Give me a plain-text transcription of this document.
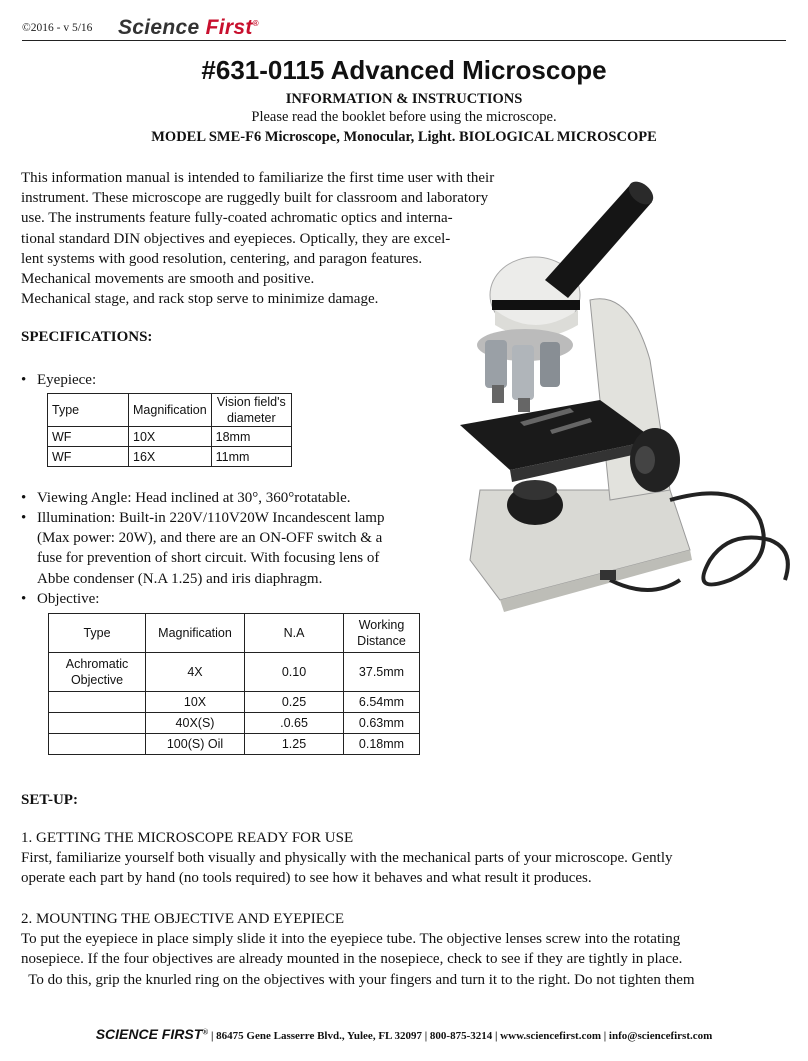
©2016 - v 5/16 Science First®
#631-0115 Advanced Microscope
INFORMATION & INSTRUCTIONS
Please read the booklet before using the microscope.
MODEL SME-F6 Microscope, Monocular, Light. BIOLOGICAL MICROSCOPE

This information manual is intended to familiarize the first time user with their

instrument. These microscope are ruggedly built for classroom and laboratory

use. The instruments feature fully-coated achromatic optics and interna-

tional standard DIN objectives and eyepieces. Optically, they are excel-

lent systems with good resolution, centering, and paragon features.

Mechanical movements are smooth and positive.

Mechanical stage, and rack stop serve to minimize damage.

SPECIFICATIONS:
• Eyepiece:
Type	Magnification	Vision field's
diameter
WF	10X	18mm
WF	16X	11mm
• Viewing Angle: Head inclined at 30°, 360°rotatable.
• Illumination: Built-in 220V/110V20W Incandescent lamp
(Max power: 20W), and there are an ON-OFF switch & a
fuse for prevention of short circuit. With focusing lens of
Abbe condenser (N.A 1.25) and iris diaphragm.
• Objective:
Type	Magnification	N.A	Working
Distance
Achromatic
Objective	4X	0.10	37.5mm
	10X	0.25	6.54mm
	40X(S)	.0.65	0.63mm
	100(S) Oil	1.25	0.18mm
SET-UP:

1. GETTING THE MICROSCOPE READY FOR USE

First, familiarize yourself both visually and physically with the mechanical parts of your microscope. Gently

operate each part by hand (no tools required) to see how it behaves and what result it produces.

2. MOUNTING THE OBJECTIVE AND EYEPIECE

To put the eyepiece in place simply slide it into the eyepiece tube. The objective lenses screw into the rotating

nosepiece. If the four objectives are already mounted in the nosepiece, check to see if they are tightly in place.

To do this, grip the knurled ring on the objectives with your fingers and turn it to the right. Do not tighten them

SCIENCE FIRST® | 86475 Gene Lasserre Blvd., Yulee, FL 32097 | 800-875-3214 | www.sciencefirst.com | info@sciencefirst.com
